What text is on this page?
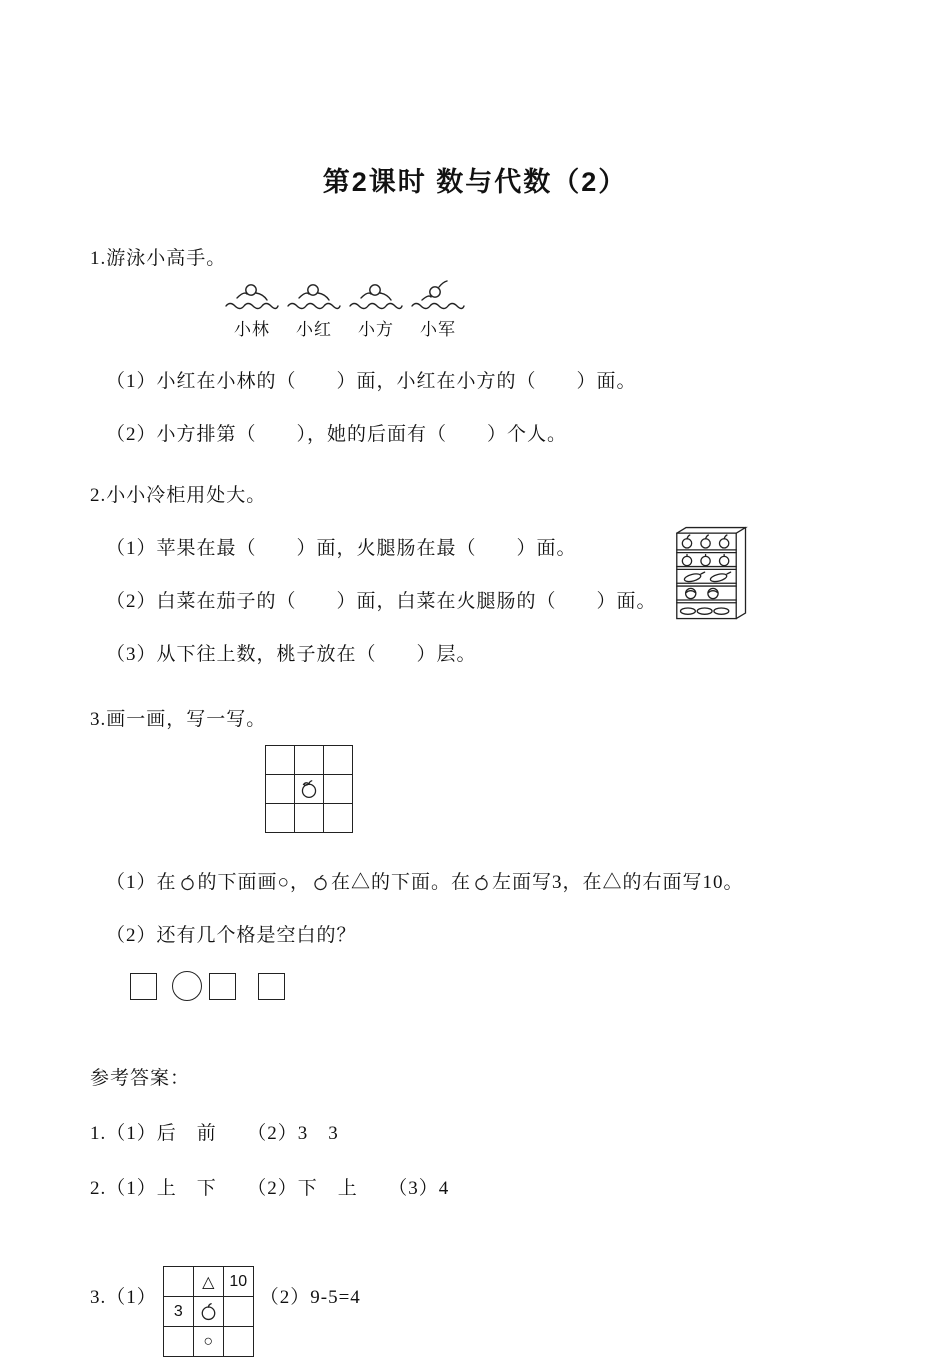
第2课时 数与代数（2）
1.游泳小高手。
小林 小红 小方 小军
（1）小红在小林的（　　）面，小红在小方的（　　）面。
（2）小方排第（　　），她的后面有（　　）个人。
2.小小冷柜用处大。
（1）苹果在最（　　）面，火腿肠在最（　　）面。
（2）白菜在茄子的（　　）面，白菜在火腿肠的（　　）面。
（3）从下往上数，桃子放在（　　）层。
3.画一画，写一写。
（1）在 的下面画○， 在△的下面。在 左面写3，在△的右面写10。
（2）还有几个格是空白的？
参考答案：
1.（1）后　前　　（2）3　3
2.（1）上　下　　（2）下　上　　（3）4
3.（1）
△ 10
3
○
（2）9-5=4
